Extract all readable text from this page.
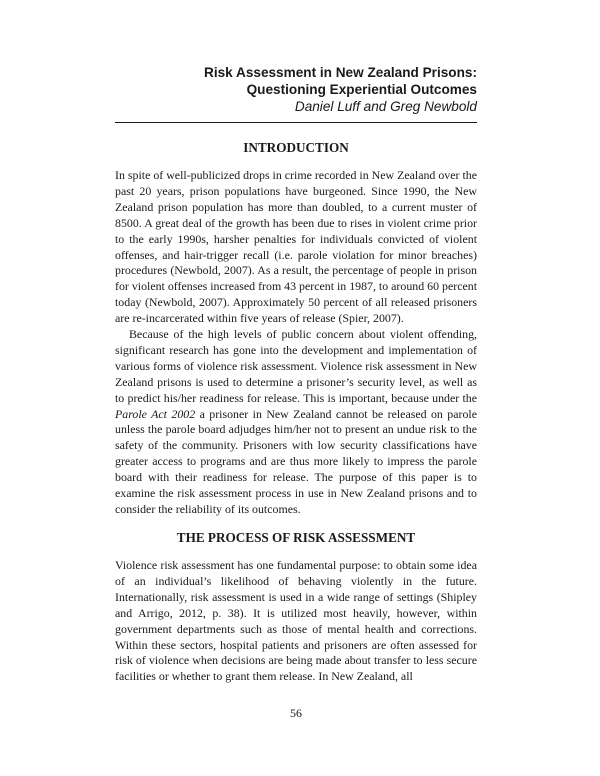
Risk Assessment in New Zealand Prisons:
Questioning Experiential Outcomes
Daniel Luff and Greg Newbold
INTRODUCTION

In spite of well-publicized drops in crime recorded in New Zealand over the past 20 years, prison populations have burgeoned. Since 1990, the New Zealand prison population has more than doubled, to a current muster of 8500. A great deal of the growth has been due to rises in violent crime prior to the early 1990s, harsher penalties for individuals convicted of violent offenses, and hair-trigger recall (i.e. parole violation for minor breaches) procedures (Newbold, 2007). As a result, the percentage of people in prison for violent offenses increased from 43 percent in 1987, to around 60 percent today (Newbold, 2007). Approximately 50 percent of all released prisoners are re-incarcerated within five years of release (Spier, 2007).

Because of the high levels of public concern about violent offending, significant research has gone into the development and implementation of various forms of violence risk assessment. Violence risk assessment in New Zealand prisons is used to determine a prisoner’s security level, as well as to predict his/her readiness for release. This is important, because under the Parole Act 2002 a prisoner in New Zealand cannot be released on parole unless the parole board adjudges him/her not to present an undue risk to the safety of the community. Prisoners with low security classifications have greater access to programs and are thus more likely to impress the parole board with their readiness for release. The purpose of this paper is to examine the risk assessment process in use in New Zealand prisons and to consider the reliability of its outcomes.

THE PROCESS OF RISK ASSESSMENT

Violence risk assessment has one fundamental purpose: to obtain some idea of an individual’s likelihood of behaving violently in the future. Internationally, risk assessment is used in a wide range of settings (Shipley and Arrigo, 2012, p. 38). It is utilized most heavily, however, within government departments such as those of mental health and corrections. Within these sectors, hospital patients and prisoners are often assessed for risk of violence when decisions are being made about transfer to less secure facilities or whether to grant them release. In New Zealand, all

56
